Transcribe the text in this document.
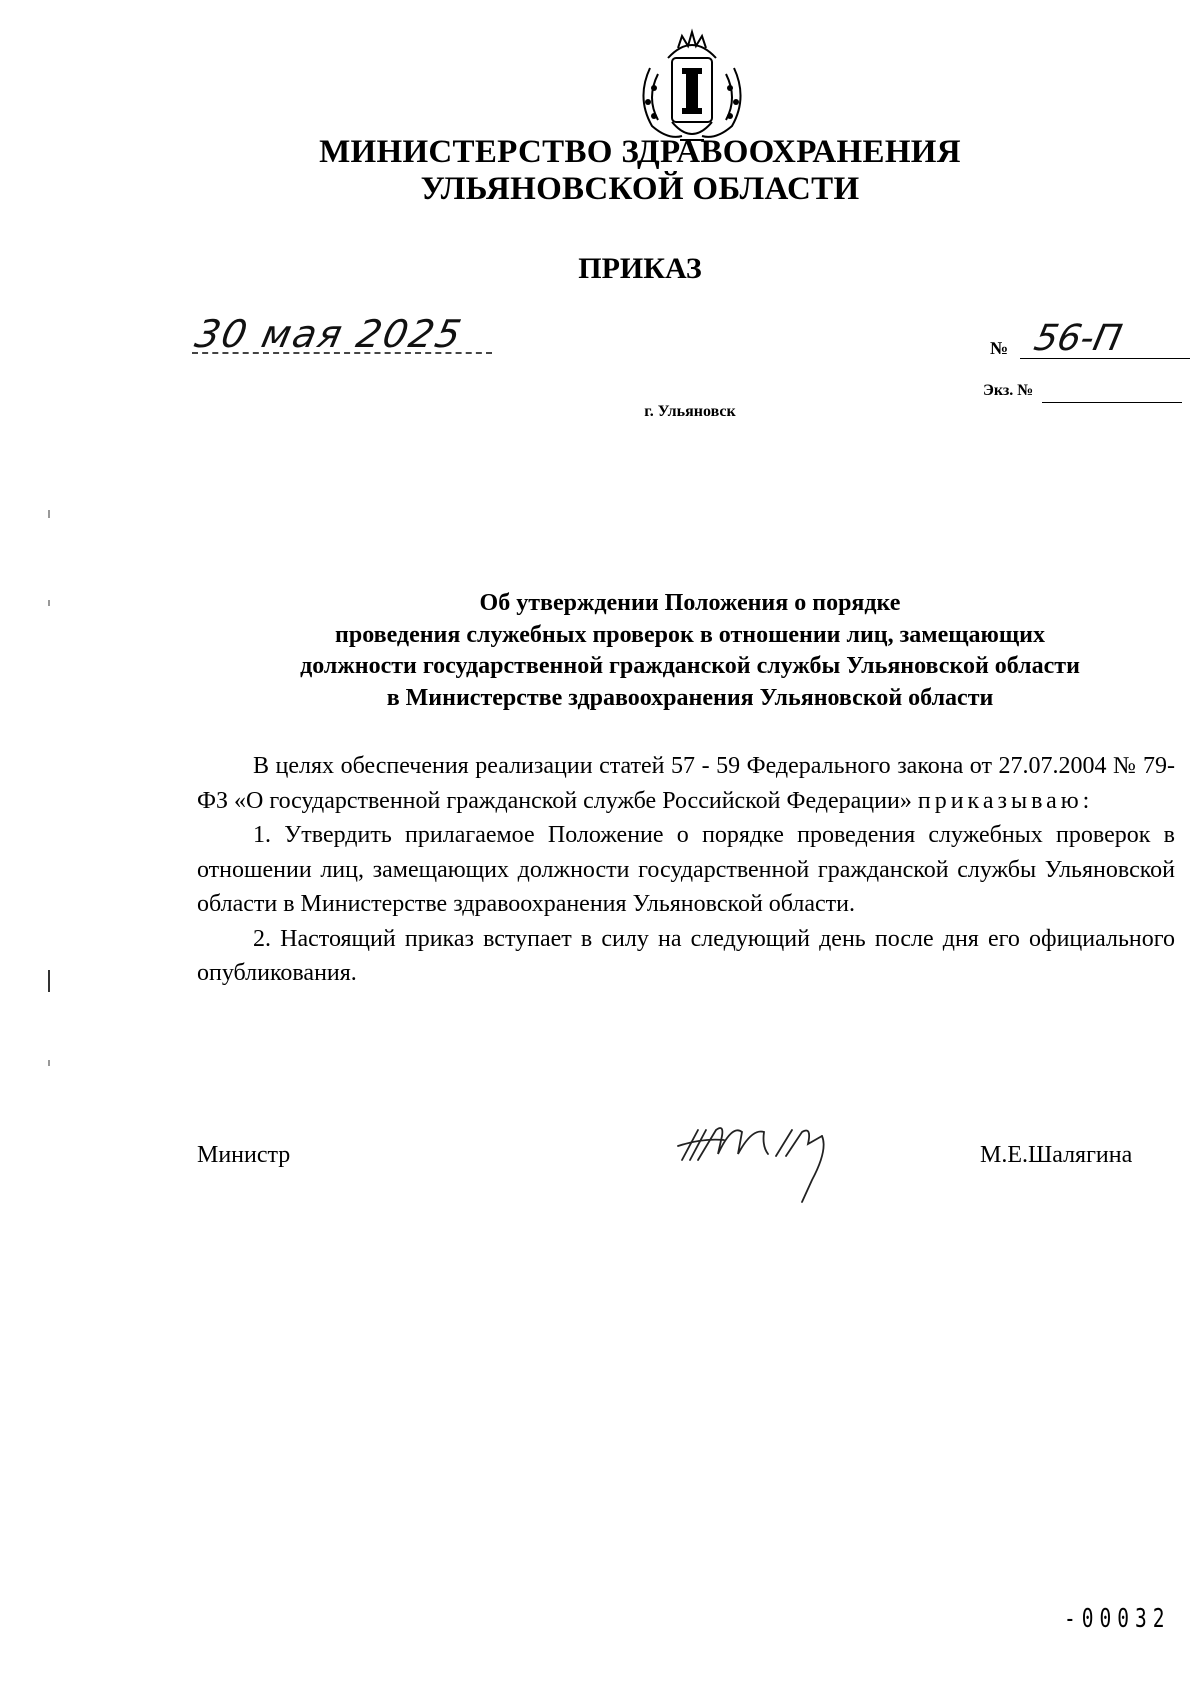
МИНИСТЕРСТВО ЗДРАВООХРАНЕНИЯ
УЛЬЯНОВСКОЙ ОБЛАСТИ
ПРИКАЗ
30 мая 2025	№ 56-П
Экз. №
г. Ульяновск
Об утверждении Положения о порядке
проведения служебных проверок в отношении лиц, замещающих
должности государственной гражданской службы Ульяновской области
в Министерстве здравоохранения Ульяновской области

В целях обеспечения реализации статей 57 - 59 Федерального закона от 27.07.2004 № 79-ФЗ «О государственной гражданской службе Российской Федерации» приказываю:

1. Утвердить прилагаемое Положение о порядке проведения служебных проверок в отношении лиц, замещающих должности государственной гражданской службы Ульяновской области в Министерстве здравоохранения Ульяновской области.

2. Настоящий приказ вступает в силу на следующий день после дня его официального опубликования.

Министр	М.Е.Шалягина
-00032
